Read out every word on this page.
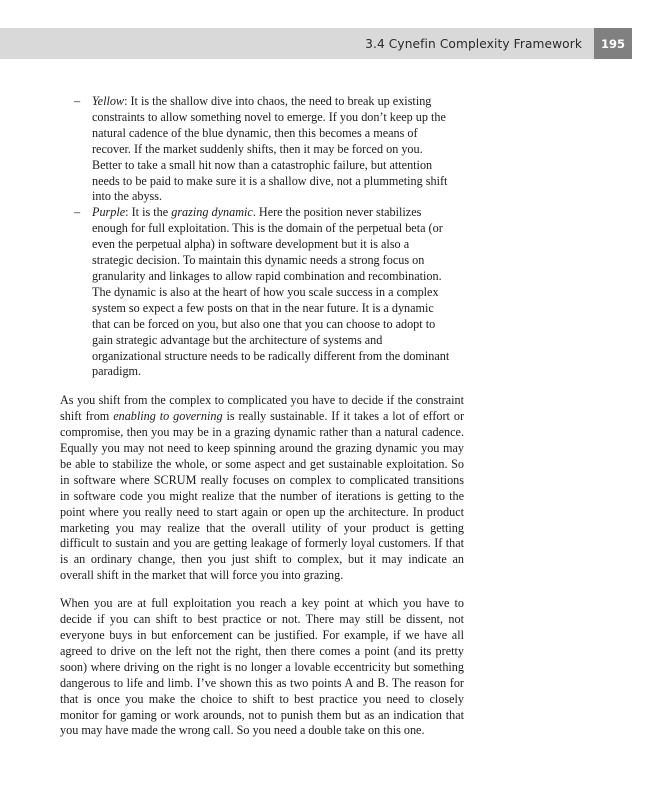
3.4 Cynefin Complexity Framework	195
– Yellow: It is the shallow dive into chaos, the need to break up existing constraints to allow something novel to emerge. If you don’t keep up the natural cadence of the blue dynamic, then this becomes a means of recover. If the market suddenly shifts, then it may be forced on you. Better to take a small hit now than a catastrophic failure, but attention needs to be paid to make sure it is a shallow dive, not a plummeting shift into the abyss.
– Purple: It is the grazing dynamic. Here the position never stabilizes enough for full exploitation. This is the domain of the perpetual beta (or even the perpetual alpha) in software development but it is also a strategic decision. To maintain this dynamic needs a strong focus on granularity and linkages to allow rapid combination and recombination. The dynamic is also at the heart of how you scale success in a complex system so expect a few posts on that in the near future. It is a dynamic that can be forced on you, but also one that you can choose to adopt to gain strategic advantage but the architecture of systems and organizational structure needs to be radically different from the dominant paradigm.

As you shift from the complex to complicated you have to decide if the constraint shift from enabling to governing is really sustainable. If it takes a lot of effort or compromise, then you may be in a grazing dynamic rather than a natural cadence. Equally you may not need to keep spinning around the grazing dynamic you may be able to stabilize the whole, or some aspect and get sustainable exploitation. So in software where SCRUM really focuses on complex to complicated transitions in software code you might realize that the number of iterations is getting to the point where you really need to start again or open up the architecture. In product marketing you may realize that the overall utility of your product is getting difficult to sustain and you are getting leakage of formerly loyal customers. If that is an ordinary change, then you just shift to complex, but it may indicate an overall shift in the market that will force you into grazing.

When you are at full exploitation you reach a key point at which you have to decide if you can shift to best practice or not. There may still be dissent, not everyone buys in but enforcement can be justified. For example, if we have all agreed to drive on the left not the right, then there comes a point (and its pretty soon) where driving on the right is no longer a lovable eccentricity but something dangerous to life and limb. I’ve shown this as two points A and B. The reason for that is once you make the choice to shift to best practice you need to closely monitor for gaming or work arounds, not to punish them but as an indication that you may have made the wrong call. So you need a double take on this one.
